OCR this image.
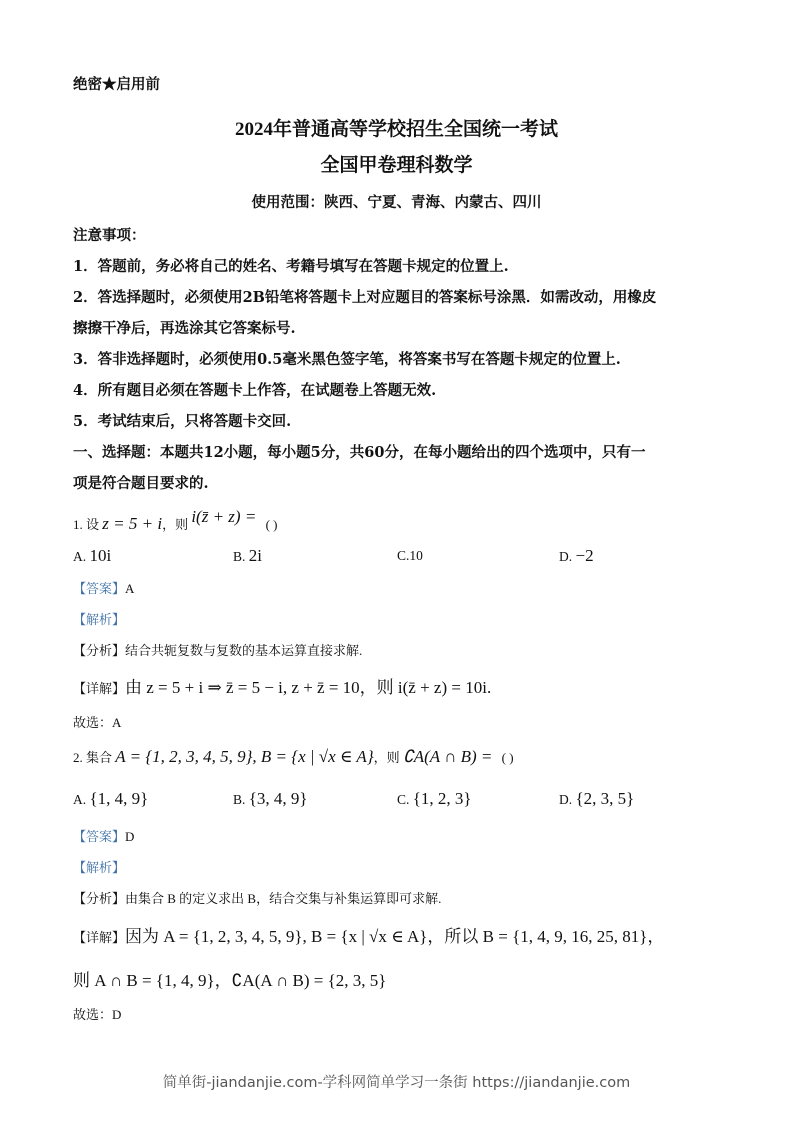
绝密★启用前
2024年普通高等学校招生全国统一考试
全国甲卷理科数学
使用范围：陕西、宁夏、青海、内蒙古、四川
注意事项：
1．答题前，务必将自己的姓名、考籍号填写在答题卡规定的位置上.
2．答选择题时，必须使用2B铅笔将答题卡上对应题目的答案标号涂黑．如需改动，用橡皮
擦擦干净后，再选涂其它答案标号.
3．答非选择题时，必须使用0.5毫米黑色签字笔，将答案书写在答题卡规定的位置上.
4．所有题目必须在答题卡上作答，在试题卷上答题无效.
5．考试结束后，只将答题卡交回.
一、选择题：本题共12小题，每小题5分，共60分，在每小题给出的四个选项中，只有一
项是符合题目要求的.
1. 设 z = 5 + i，则 i(z̄ + z) = ( )
A. 10i	B. 2i	C.10	D. −2
【答案】A
【解析】
【分析】结合共轭复数与复数的基本运算直接求解.
【详解】由 z = 5 + i ⇒ z̄ = 5 − i, z + z̄ = 10，则 i(z̄ + z) = 10i.
故选：A
2. 集合 A = {1, 2, 3, 4, 5, 9}, B = {x | √x ∈ A}，则 ∁A(A ∩ B) = ( )
A. {1, 4, 9}	B. {3, 4, 9}	C. {1, 2, 3}	D. {2, 3, 5}
【答案】D
【解析】
【分析】由集合 B 的定义求出 B，结合交集与补集运算即可求解.
【详解】因为 A = {1, 2, 3, 4, 5, 9}, B = {x | √x ∈ A}，所以 B = {1, 4, 9, 16, 25, 81}，
则 A ∩ B = {1, 4, 9}，∁A(A ∩ B) = {2, 3, 5}
故选：D
简单街-jiandanjie.com-学科网简单学习一条街 https://jiandanjie.com
